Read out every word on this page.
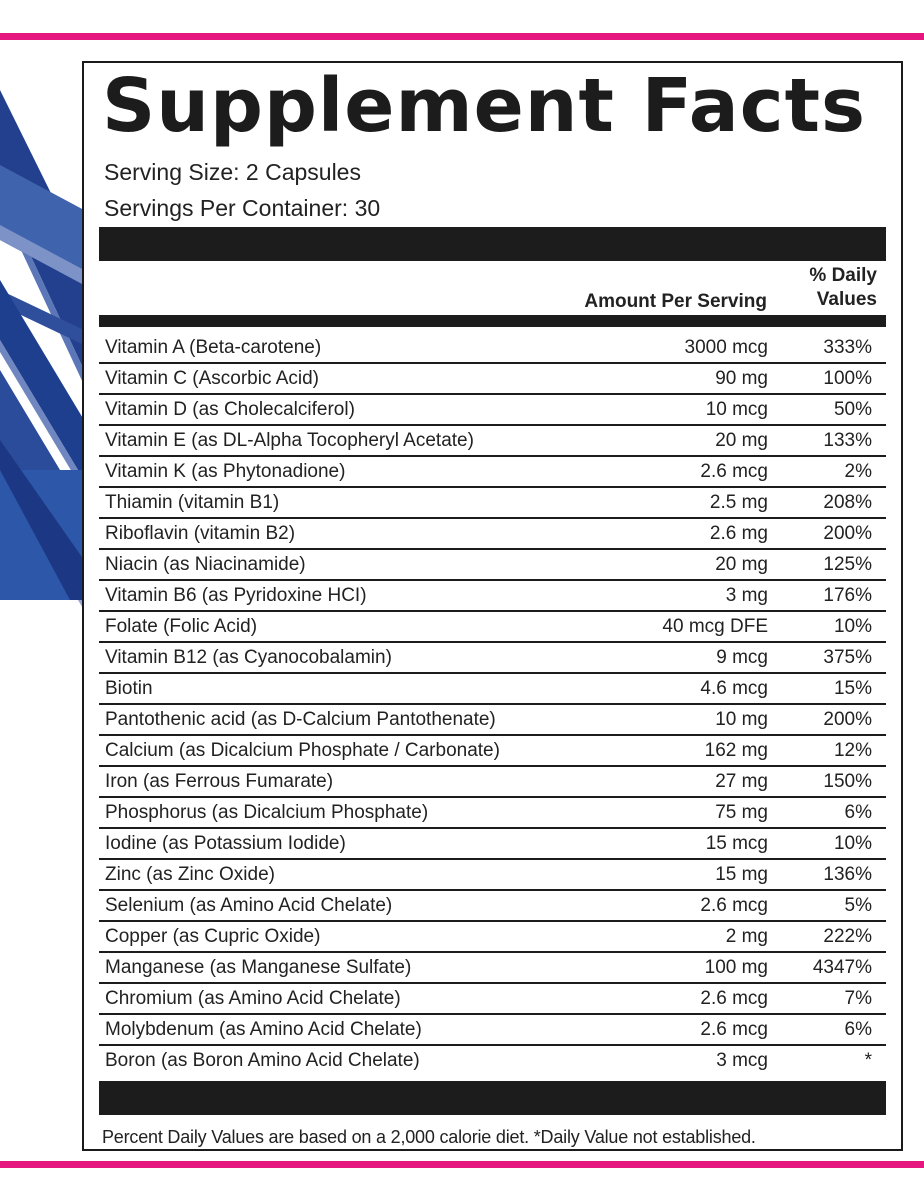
Supplement Facts
Serving Size: 2 Capsules
Servings Per Container: 30
Amount Per Serving
% Daily Values
Vitamin A (Beta-carotene)	3000 mcg	333%
Vitamin C (Ascorbic Acid)	90 mg	100%
Vitamin D (as Cholecalciferol)	10 mcg	50%
Vitamin E (as DL-Alpha Tocopheryl Acetate)	20 mg	133%
Vitamin K (as Phytonadione)	2.6 mcg	2%
Thiamin (vitamin B1)	2.5 mg	208%
Riboflavin (vitamin B2)	2.6 mg	200%
Niacin (as Niacinamide)	20 mg	125%
Vitamin B6 (as Pyridoxine HCI)	3 mg	176%
Folate (Folic Acid)	40 mcg DFE	10%
Vitamin B12 (as Cyanocobalamin)	9 mcg	375%
Biotin	4.6 mcg	15%
Pantothenic acid (as D-Calcium Pantothenate)	10 mg	200%
Calcium (as Dicalcium Phosphate / Carbonate)	162 mg	12%
Iron (as Ferrous Fumarate)	27 mg	150%
Phosphorus (as Dicalcium Phosphate)	75 mg	6%
Iodine (as Potassium Iodide)	15 mcg	10%
Zinc (as Zinc Oxide)	15 mg	136%
Selenium (as Amino Acid Chelate)	2.6 mcg	5%
Copper (as Cupric Oxide)	2 mg	222%
Manganese (as Manganese Sulfate)	100 mg 4347%
Chromium (as Amino Acid Chelate)	2.6 mcg	7%
Molybdenum (as Amino Acid Chelate)	2.6 mcg	6%
Boron (as Boron Amino Acid Chelate)	3 mcg	*
Percent Daily Values are based on a 2,000 calorie diet. *Daily Value not established.
